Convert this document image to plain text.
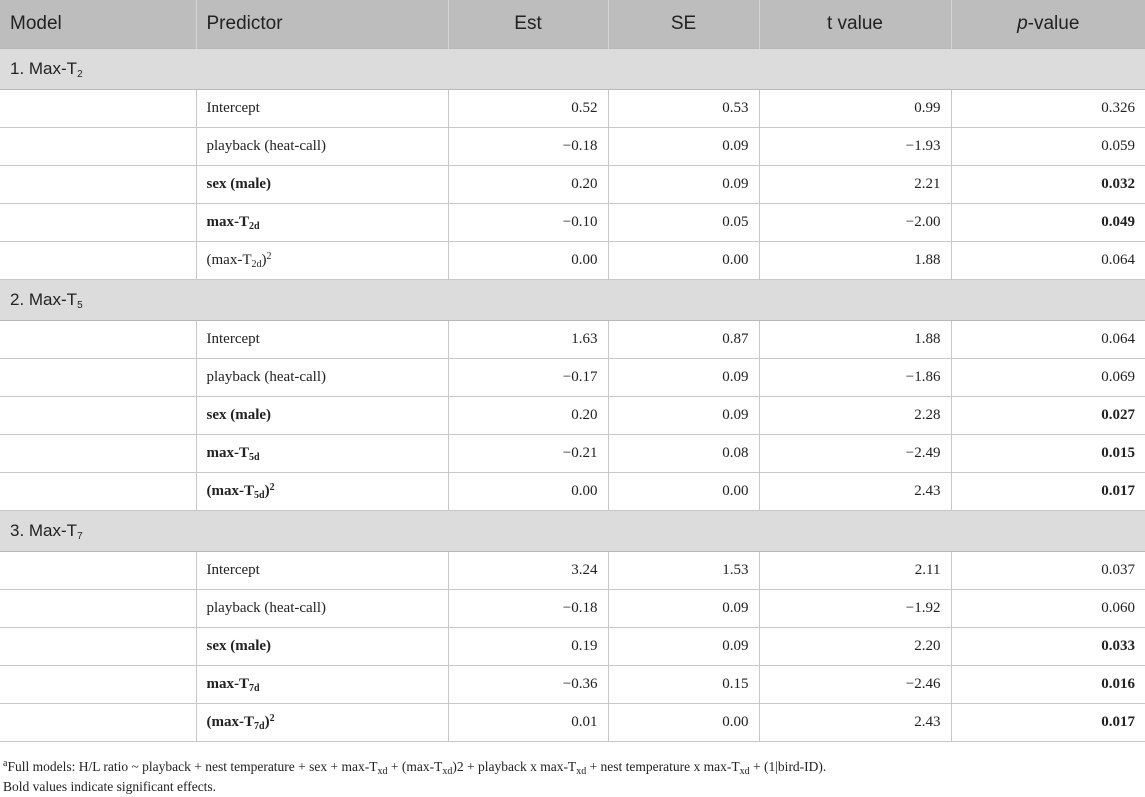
Model	Predictor	Est	SE	t value	p-value
1. Max-$T_2$
	Intercept	0.52	0.53	0.99	0.326
	playback (heat-call)	−0.18	0.09	−1.93	0.059
	sex (male)	0.20	0.09	2.21	0.032
	$\max-T_{2d}$	−0.10	0.05	−2.00	0.049
	$(\max-T_{2d})^2$	0.00	0.00	1.88	0.064
2. Max-$T_5$
	Intercept	1.63	0.87	1.88	0.064
	playback (heat-call)	−0.17	0.09	−1.86	0.069
	sex (male)	0.20	0.09	2.28	0.027
	$\max-T_{5d}$	−0.21	0.08	−2.49	0.015
	$(\max-T_{5d})^2$	0.00	0.00	2.43	0.017
3. Max-$T_7$
	Intercept	3.24	1.53	2.11	0.037
	playback (heat-call)	−0.18	0.09	−1.92	0.060
	sex (male)	0.19	0.09	2.20	0.033
	$\max-T_{7d}$	−0.36	0.15	−2.46	0.016
	$(\max-T_{7d})^2$	0.01	0.00	2.43	0.017
$^a$Full models: H/L ratio ~ playback + nest temperature + sex + $\max-T_{xd} + (\max-T_{xd})2$ + playback x $\max-T_{xd}$ + nest temperature x $\max-T_{xd}$ + (1|bird-ID).
Bold values indicate significant effects.
